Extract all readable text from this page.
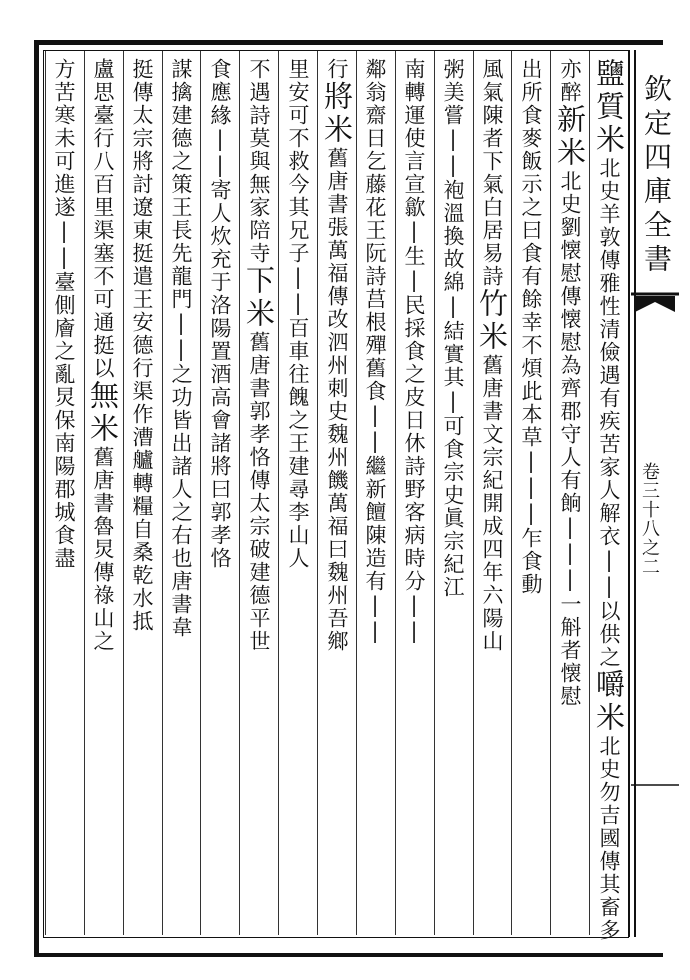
鹽質米北史羊敦傳雅性清儉遇有疾苦家人解衣||以供之嚼米北史勿吉國傳其畜多
亦醉新米北史劉懐慰傳懐慰為齊郡守人有餉|||一斛者懐慰
出所食麥飯示之曰食有餘幸不煩此本草|||乍食動
風氣陳者下氣白居易詩竹米舊唐書文宗紀開成四年六陽山
粥美嘗||袍溫換故綿|結實其|可食宗史眞宗紀江
南轉運使言宣歙|生|民採食之皮日休詩野客病時分||
鄰翁齋日乞藤花王阮詩莒根殫舊食||繼新饘陳造有||
行將米舊唐書張萬福傳改泗州刺史魏州饑萬福曰魏州吾鄉
里安可不救今其兄子||百車往餽之王建尋李山人
不遇詩莫與無家陪寺下米舊唐書郭孝恪傳太宗破建德平世
食應緣||寄人炊充于洛陽置酒高會諸將曰郭孝恪
謀擒建德之策王長先龍門||之功皆出諸人之右也唐書韋
挺傳太宗將討遼東挺遣王安德行渠作漕艫轉糧自桑乾水抵
盧思臺行八百里渠塞不可通挺以無米舊唐書魯炅傳祿山之
方苦寒未可進遂||臺側廥之亂炅保南陽郡城食盡
欽定四庫全書
卷三十八之二
